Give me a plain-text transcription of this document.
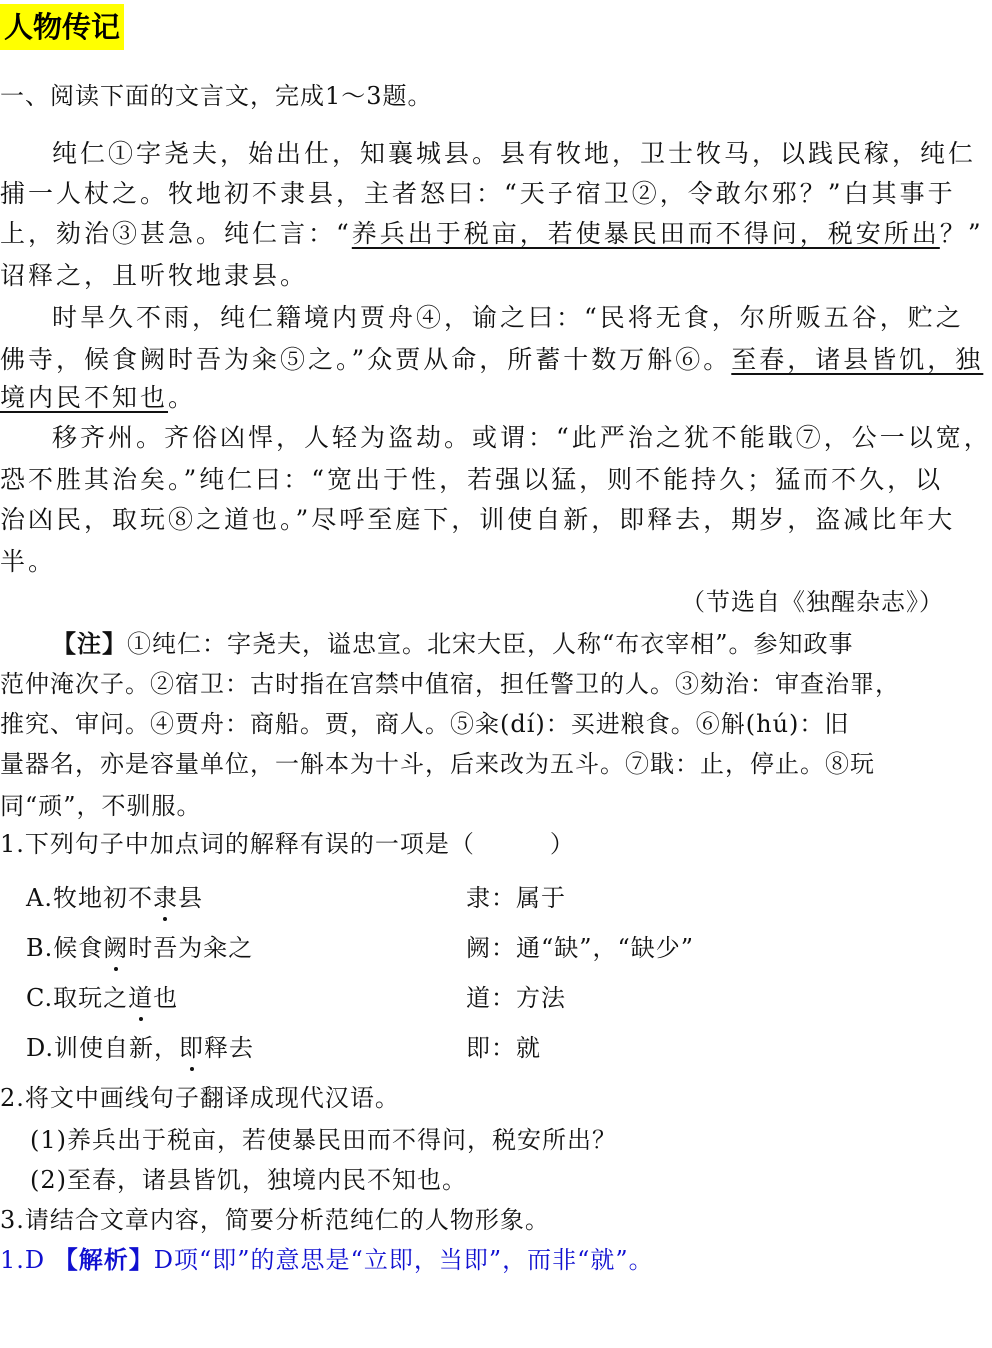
人物传记
一、阅读下面的文言文，完成1～3题。
纯仁①字尧夫，始出仕，知襄城县。县有牧地，卫士牧马，以践民稼，纯仁
捕一人杖之。牧地初不隶县，主者怒曰：“天子宿卫②，令敢尔邪？”白其事于
上，劾治③甚急。纯仁言：“养兵出于税亩，若使暴民田而不得问，税安所出？”
诏释之，且听牧地隶县。
时旱久不雨，纯仁籍境内贾舟④，谕之曰：“民将无食，尔所贩五谷，贮之
佛寺，候食阙时吾为籴⑤之。”众贾从命，所蓄十数万斛⑥。至春，诸县皆饥，独
境内民不知也。
移齐州。齐俗凶悍，人轻为盗劫。或谓：“此严治之犹不能戢⑦，公一以宽，
恐不胜其治矣。”纯仁曰：“宽出于性，若强以猛，则不能持久；猛而不久，以
治凶民，取玩⑧之道也。”尽呼至庭下，训使自新，即释去，期岁，盗减比年大
半。
（节选自《独醒杂志》）
【注】①纯仁：字尧夫，谥忠宣。北宋大臣，人称“布衣宰相”。参知政事
范仲淹次子。②宿卫：古时指在宫禁中值宿，担任警卫的人。③劾治：审查治罪，
推究、审问。④贾舟：商船。贾，商人。⑤籴(dí)：买进粮食。⑥斛(hú)：旧
量器名，亦是容量单位，一斛本为十斗，后来改为五斗。⑦戢：止，停止。⑧玩
同“顽”，不驯服。
1.下列句子中加点词的解释有误的一项是（　　　）
A.牧地初不隶县	隶：属于
B.候食阙时吾为籴之	阙：通“缺”，“缺少”
C.取玩之道也	道：方法
D.训使自新，即释去	即：就
2.将文中画线句子翻译成现代汉语。
(1)养兵出于税亩，若使暴民田而不得问，税安所出？
(2)至春，诸县皆饥，独境内民不知也。
3.请结合文章内容，简要分析范纯仁的人物形象。
1.D 【解析】D项“即”的意思是“立即，当即”，而非“就”。
